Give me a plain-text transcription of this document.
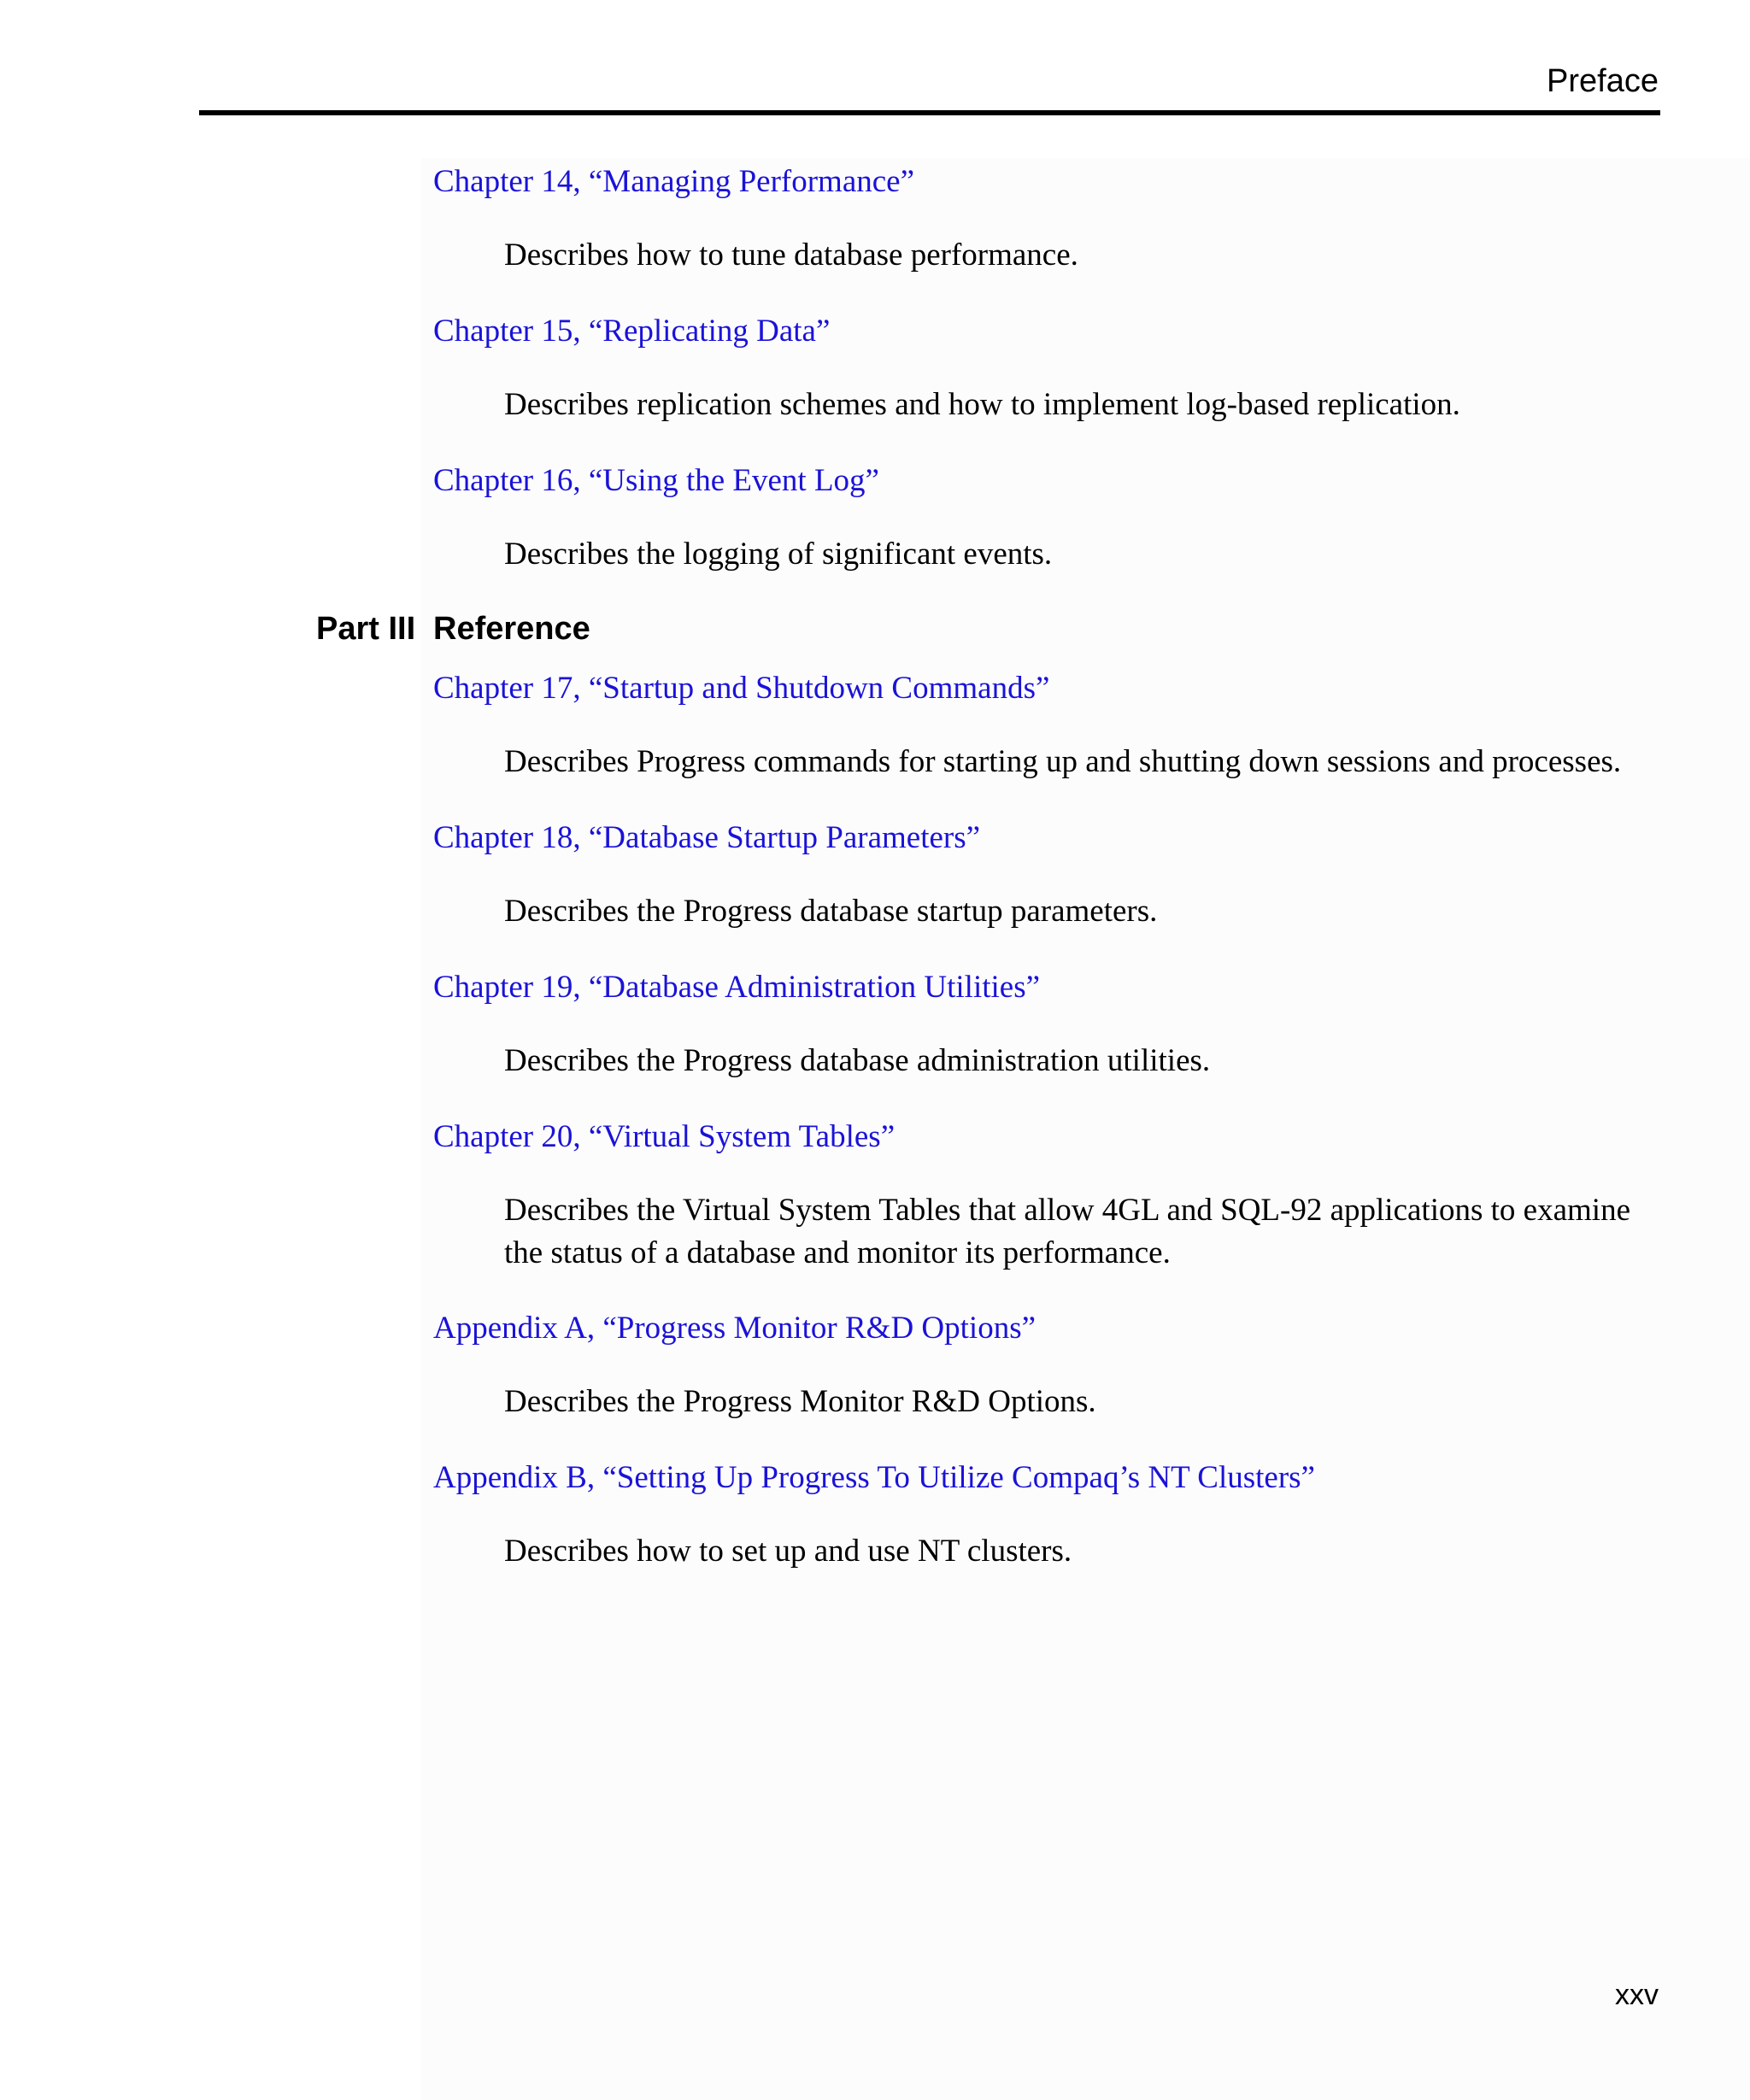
Preface
Chapter 14, “Managing Performance”
Describes how to tune database performance.
Chapter 15, “Replicating Data”
Describes replication schemes and how to implement log-based replication.
Chapter 16, “Using the Event Log”
Describes the logging of significant events.
Part III Reference
Chapter 17, “Startup and Shutdown Commands”
Describes Progress commands for starting up and shutting down sessions and processes.
Chapter 18, “Database Startup Parameters”
Describes the Progress database startup parameters.
Chapter 19, “Database Administration Utilities”
Describes the Progress database administration utilities.
Chapter 20, “Virtual System Tables”
Describes the Virtual System Tables that allow 4GL and SQL-92 applications to examine
the status of a database and monitor its performance.
Appendix A, “Progress Monitor R&D Options”
Describes the Progress Monitor R&D Options.
Appendix B, “Setting Up Progress To Utilize Compaq’s NT Clusters”
Describes how to set up and use NT clusters.
xxv
